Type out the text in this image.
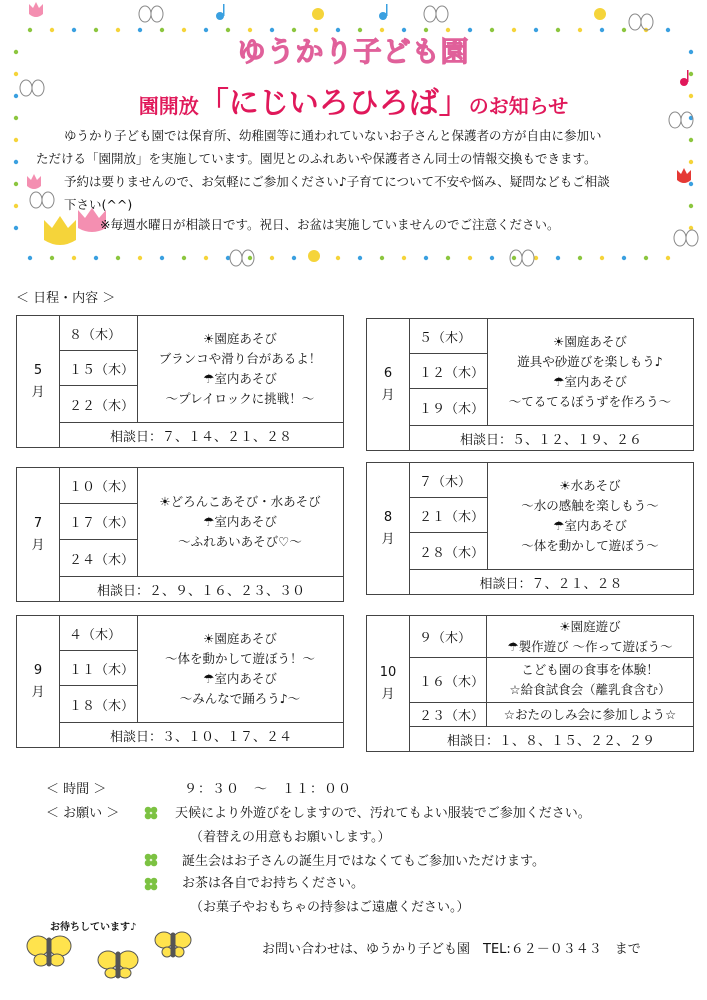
ゆうかり子ども園
園開放「にじいろひろば」のお知らせ

ゆうかり子ども園では保育所、幼稚園等に通われていないお子さんと保護者の方が自由に参加い

ただける「園開放」を実施しています。園児とのふれあいや保護者さん同士の情報交換もできます。

予約は要りませんので、お気軽にご参加ください♪子育てについて不安や悩み、疑問などもご相談

下さい(^^)

※毎週水曜日が相談日です。祝日、お盆は実施していませんのでご注意ください。
＜ 日程・内容 ＞
5
月
８（木）
１５（木）
２２（木）
☀園庭あそび
ブランコや滑り台があるよ！
☂室内あそび
～プレイロックに挑戦！～
相談日：７、１４、２１、２８
6
月
５（木）
１２（木）
１９（木）
☀園庭あそび
遊具や砂遊びを楽しもう♪
☂室内あそび
～てるてるぼうずを作ろう～
相談日：５、１２、１９、２６
7
月
１０（木）
１７（木）
２４（木）
☀どろんこあそび・水あそび
☂室内あそび
～ふれあいあそび♡～
相談日：２、９、１６、２３、３０
8
月
７（木）
２１（木）
２８（木）
☀水あそび
～水の感触を楽しもう～
☂室内あそび
～体を動かして遊ぼう～
相談日：７、２１、２８
9
月
４（木）
１１（木）
１８（木）
☀園庭あそび
～体を動かして遊ぼう！～
☂室内あそび
～みんなで踊ろう♪～
相談日：３、１０、１７、２４
10
月
９（木）
☀園庭遊び
☂製作遊び ～作って遊ぼう～
１６（木）
こども園の食事を体験！
☆給食試食会（離乳食含む）
２３（木） ☆おたのしみ会に参加しよう☆
相談日：１、８、１５、２２、２９
＜ 時間 ＞	９：３０　～　１１：００
＜ お願い ＞	天候により外遊びをしますので、汚れてもよい服装でご参加ください。
（着替えの用意もお願いします。）
誕生会はお子さんの誕生月ではなくてもご参加いただけます。
お茶は各自でお持ちください。
（お菓子やおもちゃの持参はご遠慮ください。）
お待ちしています♪
お問い合わせは、ゆうかり子ども園　TEL:６２－０３４３　まで
